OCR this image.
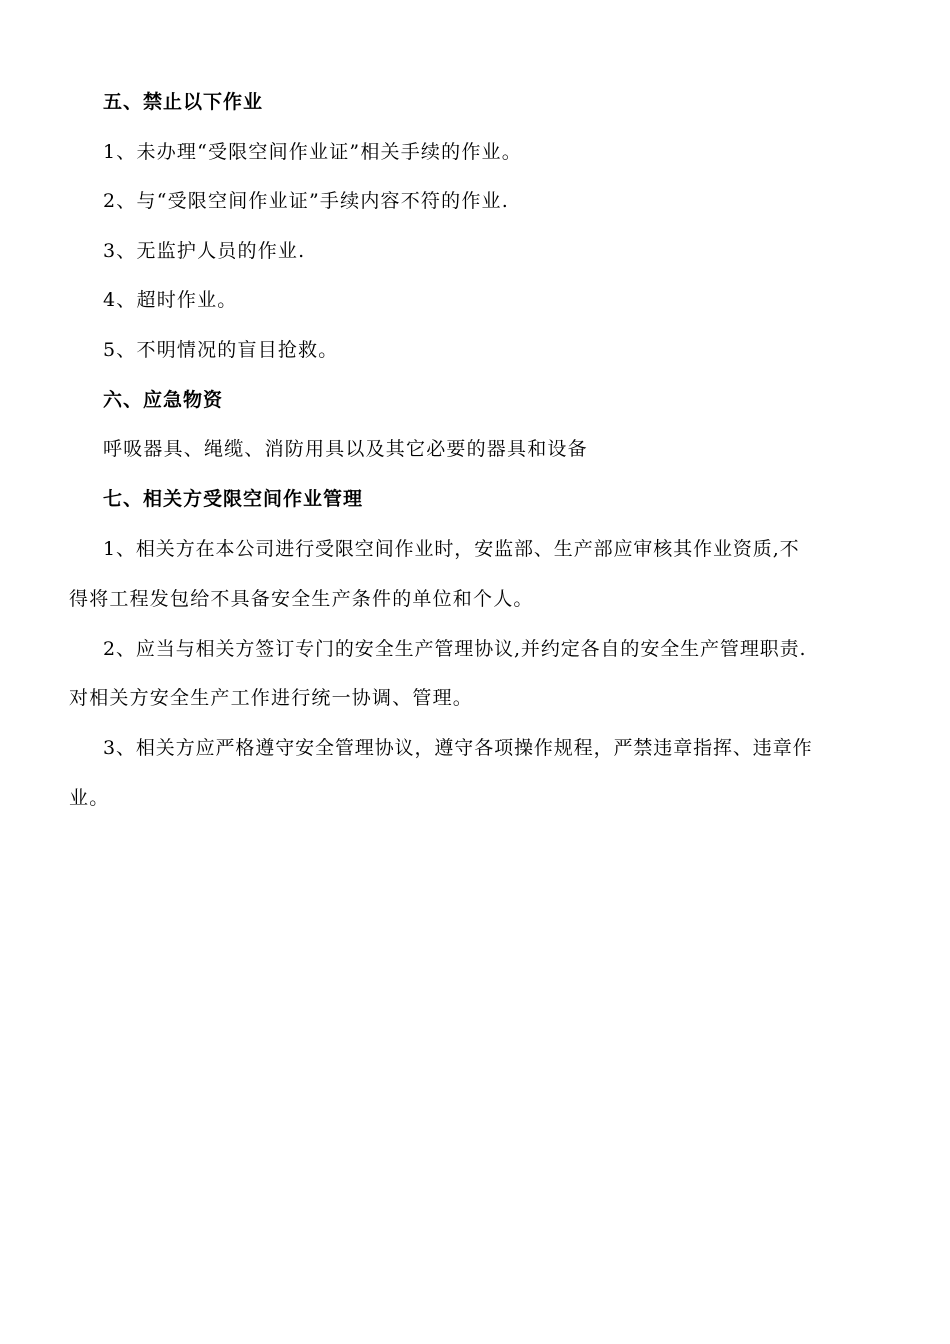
五、禁止以下作业
1、未办理“受限空间作业证”相关手续的作业。
2、与“受限空间作业证”手续内容不符的作业.
3、无监护人员的作业.
4、超时作业。
5、不明情况的盲目抢救。
六、应急物资
呼吸器具、绳缆、消防用具以及其它必要的器具和设备
七、相关方受限空间作业管理
1、相关方在本公司进行受限空间作业时，安监部、生产部应审核其作业资质,不
得将工程发包给不具备安全生产条件的单位和个人。
2、应当与相关方签订专门的安全生产管理协议,并约定各自的安全生产管理职责.
对相关方安全生产工作进行统一协调、管理。
3、相关方应严格遵守安全管理协议，遵守各项操作规程，严禁违章指挥、违章作
业。
